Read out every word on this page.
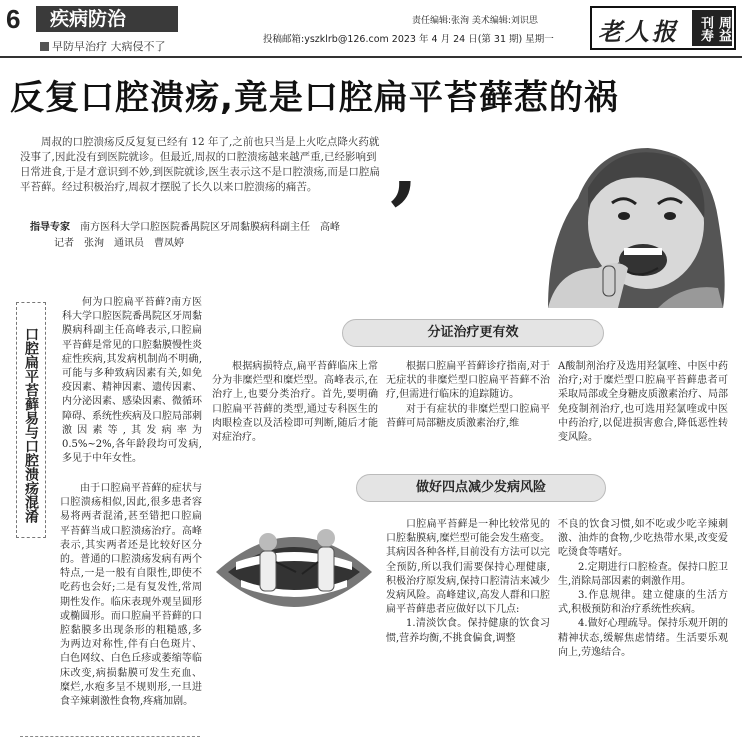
6	疾病防治
早防早治疗 大病侵不了
责任编辑:张洵 美术编辑:刘识思
投稿邮箱:yszklrb@126.com 2023 年 4 月 24 日(第 31 期) 星期一 老人报	周益刊寿
反复口腔溃疡,竟是口腔扁平苔藓惹的祸
周叔的口腔溃疡反反复复已经有 12 年了,之前也只当是上火吃点降火药就没事了,因此没有到医院就诊。但最近,周叔的口腔溃疡越来越严重,已经影响到日常进食,于是才意识到不妙,到医院就诊,医生表示这不是口腔溃疡,而是口腔扁平苔藓。经过积极治疗,周叔才摆脱了长久以来口腔溃疡的痛苦。 ,
指导专家　 南方医科大学口腔医院番禺院区牙周黏膜病科副主任　高峰
记者　张洵　通讯员　曹凤婷
口腔扁平苔藓易与口腔溃疡混淆

何为口腔扁平苔藓?南方医科大学口腔医院番禺院区牙周黏膜病科副主任高峰表示,口腔扁平苔藓是常见的口腔黏膜慢性炎症性疾病,其发病机制尚不明确,可能与多种致病因素有关,如免疫因素、精神因素、遗传因素、内分泌因素、感染因素、微循环障碍、系统性疾病及口腔局部刺激因素等,其发病率为0.5%~2%,各年龄段均可发病,多见于中年女性。

由于口腔扁平苔藓的症状与口腔溃疡相似,因此,很多患者容易将两者混淆,甚至错把口腔扁平苔藓当成口腔溃疡治疗。高峰表示,其实两者还是比较好区分的。普通的口腔溃疡发病有两个特点,一是一般有自限性,即使不吃药也会好;二是有复发性,常周期性发作。临床表现外观呈圆形或椭圆形。而口腔扁平苔藓的口腔黏膜多出现条形的粗糙感,多为两边对称性,伴有白色斑片、白色网纹、白色丘疹或萎缩等临床改变,病损黏膜可发生充血、糜烂,水疱多呈不规则形,一旦进食辛辣刺激性食物,疼痛加剧。

分证治疗更有效

根据病损特点,扁平苔藓临床上常分为非糜烂型和糜烂型。高峰表示,在治疗上,也要分类治疗。首先,要明确口腔扁平苔藓的类型,通过专科医生的肉眼检查以及活检即可判断,随后才能对症治疗。

根据口腔扁平苔藓诊疗指南,对于无症状的非糜烂型口腔扁平苔藓不治疗,但需进行临床的追踪随访。

对于有症状的非糜烂型口腔扁平苔藓可局部糖皮质激素治疗,维

A酸制剂治疗及选用羟氯喹、中医中药治疗;对于糜烂型口腔扁平苔藓患者可采取局部或全身糖皮质激素治疗、局部免疫制剂治疗,也可选用羟氯喹或中医中药治疗,以促进损害愈合,降低恶性转变风险。

做好四点减少发病风险

口腔扁平苔藓是一种比较常见的口腔黏膜病,糜烂型可能会发生癌变。其病因各种各样,目前没有方法可以完全预防,所以我们需要保持心理健康,积极治疗原发病,保持口腔清洁来减少发病风险。高峰建议,高发人群和口腔扁平苔藓患者应做好以下几点:

1.清淡饮食。保持健康的饮食习惯,营养均衡,不挑食偏食,调整

不良的饮食习惯,如不吃或少吃辛辣刺激、油炸的食物,少吃热带水果,改变爱吃烫食等嗜好。

2.定期进行口腔检查。保持口腔卫生,消除局部因素的刺激作用。

3.作息规律。建立健康的生活方式,积极预防和治疗系统性疾病。

4.做好心理疏导。保持乐观开朗的精神状态,缓解焦虑情绪。生活要乐观向上,劳逸结合。
